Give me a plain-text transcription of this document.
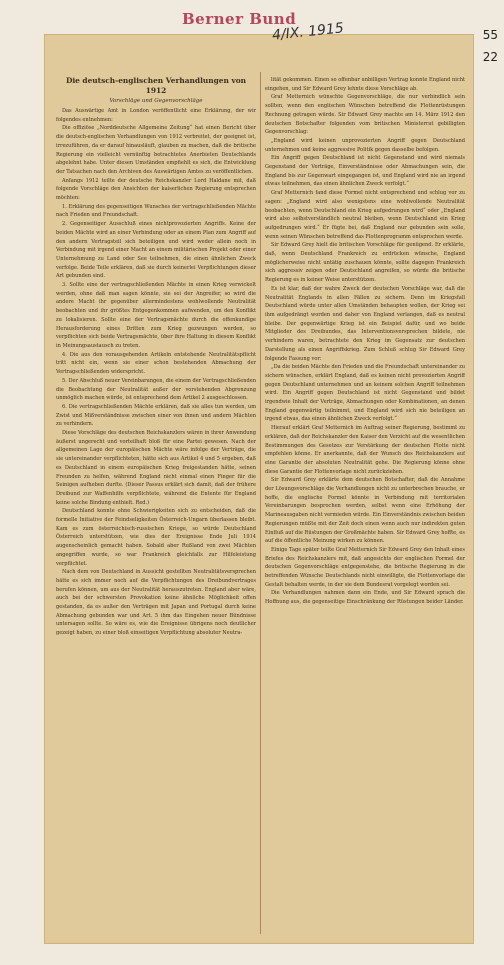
Berner Bund
4/IX. 1915	55
22
Die deutsch-englischen Verhandlungen von 1912
Vorschläge und Gegenvorschläge

Das Auswärtige Amt in London veröffentlicht eine Erklärung, der wir folgendes entnehmen:

Die offiziöse „Norddeutsche Allgemeine Zeitung“ hat einen Bericht über die deutsch-englischen Verhandlungen von 1912 verbreitet, der geeignet ist, irrezuführen, da er darauf hinausläuft, glauben zu machen, daß die britische Regierung ein vielleicht vernünftig betrachtetes Anerbieten Deutschlands abgelehnt habe. Unter diesen Umständen empfiehlt es sich, die Entwicklung der Tatsachen nach den Archiven des Auswärtigen Amtes zu veröffentlichen.

Anfangs 1912 teilte der deutsche Reichskanzler Lord Haldane mit, daß folgende Vorschläge den Ansichten der kaiserlichen Regierung entsprechen möchten:

1. Erklärung des gegenseitigen Wunsches der vertragschließenden Mächte nach Frieden und Freundschaft.

2. Gegenseitiger Ausschluß eines nichtprovozierten Angriffs. Keine der beiden Mächte wird an einer Verbindung oder an einem Plan zum Angriff auf den andern Vertragsteil sich beteiligen und wird weder allein noch in Verbindung mit irgend einer Macht an einem militärischen Projekt oder einer Unternehmung zu Land oder See teilnehmen, die einen ähnlichen Zweck verfolge. Beide Teile erklären, daß sie durch keinerlei Verpflichtungen dieser Art gebunden sind.

3. Sollte eine der vertragschließenden Mächte in einen Krieg verwickelt werden, ohne daß man sagen könnte, sie sei der Angreifer, so wird die andere Macht ihr gegenüber allermindestens wohlwollende Neutralität beobachten und ihr größtes Entgegenkommen aufwenden, um den Konflikt zu lokalisieren. Sollte eine der Vertragsmächte durch die offenkundige Herausforderung eines Dritten zum Krieg gezwungen werden, so verpflichten sich beide Vertragsmächte, über ihre Haltung in diesem Konflikt in Meinungsaustausch zu treten.

4. Die aus den vorausgehenden Artikeln entstehende Neutralitätspflicht tritt nicht ein, wenn sie einer schon bestehenden Abmachung der Vertragschließenden widerspricht.

5. Der Abschluß neuer Vereinbarungen, die einem der Vertragschließenden die Beobachtung der Neutralität außer der vorstehenden Abgrenzung unmöglich machen würde, ist entsprechend dem Artikel 2 ausgeschlossen.

6. Die vertragschließenden Mächte erklären, daß sie alles tun werden, um Zwist und Mißverständnisse zwischen einer von ihnen und andern Mächten zu verhindern.

Diese Vorschläge des deutschen Reichskanzlers wären in ihrer Anwendung äußerst ungerecht und vorteilhaft bloß für eine Partei gewesen. Nach der allgemeinen Lage der europäischen Mächte wäre infolge der Verträge, die sie untereinander verpflichteten, hätte sich aus Artikel 4 und 5 ergeben, daß es Deutschland in einem europäischen Krieg freigestanden hätte, seinen Freunden zu helfen, während England nicht einmal einen Finger für die Seinigen aufheben durfte. (Dieser Passus erklärt sich damit, daß der frühere Dreibund zur Waffenhilfe verpflichtete, während die Entente für England keine solche Bindung enthielt. Red.)

Deutschland konnte ohne Schwierigkeiten sich zu entscheiden, daß die formelle Initiative der Feindseligkeiten Österreich-Ungarn überlassen bleibt. Kam es zum österreichisch-russischen Kriege, so würde Deutschland Österreich unterstützen, wie dies der Ereignisse Ende Juli 1914 augenscheinlich gemacht haben. Sobald aber Rußland von zwei Mächten angegriffen wurde, so war Frankreich gleichfalls zur Hilfeleistung verpflichtet.

Nach dem von Deutschland in Aussicht gestellten Neutralitätsversprechen hätte es sich immer noch auf die Verpflichtungen des Dreibundvertrages berufen können, um aus der Neutralität herauszutreten. England aber wäre, auch bei der schwersten Provokation keine ähnliche Möglichkeit offen gestanden, da es außer den Verträgen mit Japan und Portugal durch keine Abmachung gebunden war und Art. 5 ihm das Eingehen neuer Bündnisse untersagen sollte. So wäre es, wie die Ereignisse übrigens noch deutlicher gezeigt haben, zu einer bloß einseitigen Verpflichtung absoluter Neutra-

lität gekommen. Einen so offenbar unbilligen Vertrag konnte England nicht eingehen, und Sir Edward Grey lehnte diese Vorschläge ab.

Graf Metternich wünschte Gegenvorschläge, die nur verbindlich sein sollten, wenn den englischen Wünschen betreffend die Flottenrüstungen Rechnung getragen würde. Sir Edward Grey machte am 14. März 1912 den deutschen Botschafter folgenden vom britischen Ministerrat gebilligten Gegenvorschlag:

„England wird keinen unprovozierten Angriff gegen Deutschland unternehmen und keine aggressive Politik gegen dasselbe befolgen.

Ein Angriff gegen Deutschland ist nicht Gegenstand und wird niemals Gegenstand der Verträge, Einverständnisse oder Abmachungen sein, die England bis zur Gegenwart eingegangen ist, und England wird nie an irgend etwas teilnehmen, das einen ähnlichen Zweck verfolgt.“

Graf Metternich fand diese Formel nicht entsprechend und schlug vor zu sagen: „England wird also wenigstens eine wohlwollende Neutralität beobachten, wenn Deutschland ein Krieg aufgedrungen wird“ oder „England wird also selbstverständlich neutral bleiben, wenn Deutschland ein Krieg aufgedrungen wird.“ Er fügte bei, daß England nur gebunden sein solle, wenn seinen Wünschen betreffend das Flottenprogramm entsprochen werde.

Sir Edward Grey hielt die britischen Vorschläge für genügend. Er erklärte, daß, wenn Deutschland Frankreich zu erdrücken wünsche, England möglicherweise nicht untätig zuschauen könnte, sollte dagegen Frankreich sich aggressiv zeigen oder Deutschland angreifen, so würde die britische Regierung es in keiner Weise unterstützen.

Es ist klar, daß der wahre Zweck der deutschen Vorschläge war, daß die Neutralität Englands in allen Fällen zu sichern. Denn im Kriegsfall Deutschland würde unter allen Umständen behaupten wollen, der Krieg sei ihm aufgedrängt worden und daher von England verlangen, daß es neutral bleibe. Der gegenwärtige Krieg ist ein Beispiel dafür, und wo beide Mitglieder des Dreibundes, das Interventionsversprechen bildete, nie verhindern waren, betrachtete den Krieg im Gegensatz zur deutschen Darstellung als einen Angriffskrieg. Zum Schluß schlug Sir Edward Grey folgende Fassung vor:

„Da die beiden Mächte den Frieden und die Freundschaft untereinander zu sichern wünschen, erklärt England, daß es keinen nicht provozierten Angriff gegen Deutschland unternehmen und an keinem solchen Angriff teilnehmen wird. Ein Angriff gegen Deutschland ist nicht Gegenstand und bildet irgendwie Inhalt der Verträge, Abmachungen oder Kombinationen, an denen England gegenwärtig teilnimmt, und England wird sich nie beteiligen an irgend etwas, das einen ähnlichen Zweck verfolgt.“

Hierauf erklärt Graf Metternich im Auftrag seiner Regierung, bestimmt zu erklären, daß der Reichskanzler den Kaiser den Verzicht auf die wesentlichen Bestimmungen des Gesetzes zur Verstärkung der deutschen Flotte nicht empfehlen könne. Er anerkannte, daß der Wunsch des Reichskanzlers auf eine Garantie der absoluten Neutralität gehe. Die Regierung könne ohne diese Garantie der Flottenvorlage nicht zurückziehen.

Sir Edward Grey erklärte dem deutschen Botschafter, daß die Annahme der Lösungsvorschläge die Verhandlungen nicht zu unterbrechen brauche, er hoffe, die englische Formel könnte in Verbindung mit territorialen Vereinbarungen besprochen werden, selbst wenn eine Erhöhung der Marineausgaben nicht vermieden würde. Ein Einverständnis zwischen beiden Regierungen müßte mit der Zeit doch einen wenn auch nur indirekten guten Einfluß auf die Rüstungen der Großmächte haben. Sir Edward Grey hoffte, es auf die öffentliche Meinung wirken zu können.

Einige Tage später teilte Graf Metternich Sir Edward Grey den Inhalt eines Briefes des Reichskanzlers mit, daß angesichts der englischen Formel der deutschen Gegenvorschläge entgegenstehe, die britische Regierung in die betreffenden Wünsche Deutschlands nicht einwilligte, die Flottenvorlage die Gestalt behalten werde, in der sie dem Bundesrat vorgelegt worden sei.

Die Verhandlungen nahmen dann ein Ende, und Sir Edward sprach die Hoffnung aus, die gegenseitige Einschränkung der Rüstungen beider Länder.
